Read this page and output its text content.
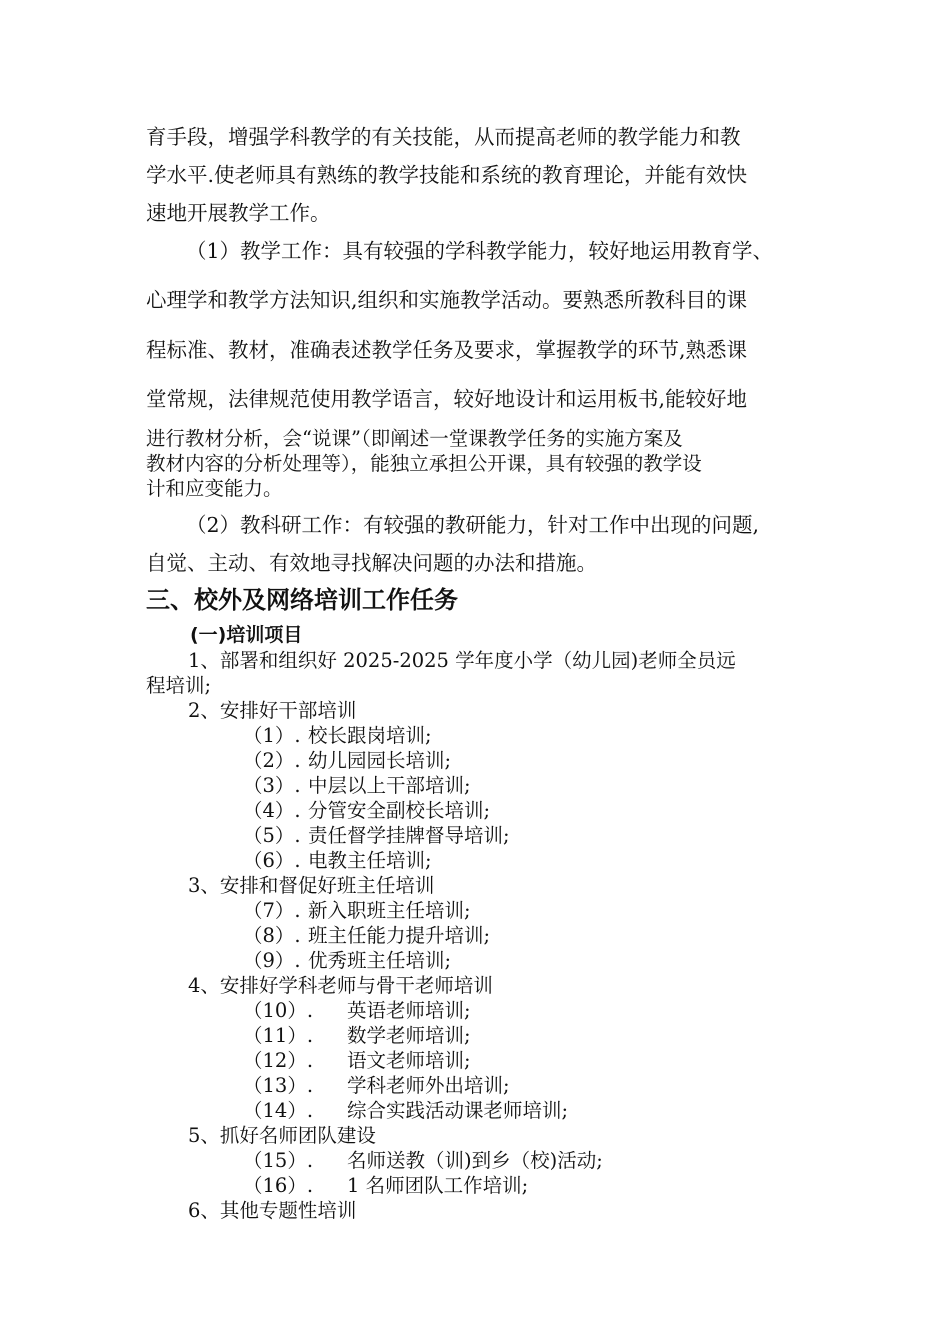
育手段，增强学科教学的有关技能，从而提高老师的教学能力和教
学水平.使老师具有熟练的教学技能和系统的教育理论，并能有效快
速地开展教学工作。
（1）教学工作：具有较强的学科教学能力，较好地运用教育学、
心理学和教学方法知识,组织和实施教学活动。要熟悉所教科目的课
程标准、教材，准确表述教学任务及要求，掌握教学的环节,熟悉课
堂常规，法律规范使用教学语言，较好地设计和运用板书,能较好地
进行教材分析，会“说课”（即阐述一堂课教学任务的实施方案及
教材内容的分析处理等），能独立承担公开课，具有较强的教学设
计和应变能力。
（2）教科研工作：有较强的教研能力，针对工作中出现的问题,
自觉、主动、有效地寻找解决问题的办法和措施。
三、校外及网络培训工作任务
(一)培训项目
1、部署和组织好 2025-2025 学年度小学（幼儿园)老师全员远
程培训;
2、安排好干部培训
（1）. 校长跟岗培训;
（2）. 幼儿园园长培训;
（3）. 中层以上干部培训;
（4）. 分管安全副校长培训;
（5）. 责任督学挂牌督导培训;
（6）. 电教主任培训;
3、安排和督促好班主任培训
（7）. 新入职班主任培训;
（8）. 班主任能力提升培训;
（9）. 优秀班主任培训;
4、安排好学科老师与骨干老师培训
（10）. 英语老师培训;
（11）. 数学老师培训;
（12）. 语文老师培训;
（13）. 学科老师外出培训;
（14）. 综合实践活动课老师培训;
5、抓好名师团队建设
（15）. 名师送教（训)到乡（校)活动;
（16）. 1 名师团队工作培训;
6、其他专题性培训
